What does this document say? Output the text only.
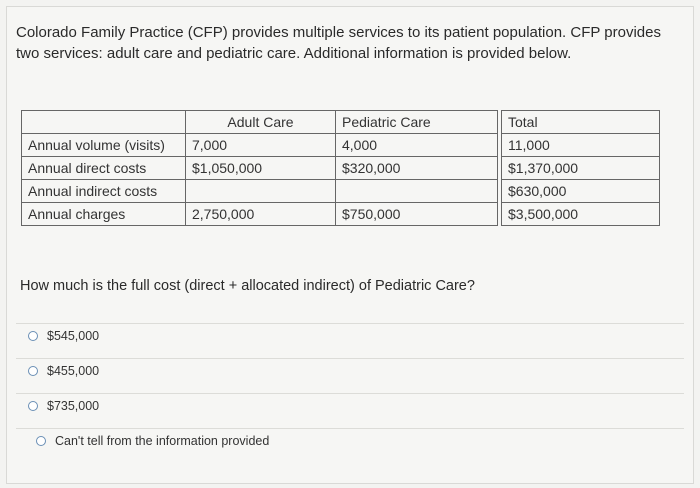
Colorado Family Practice (CFP) provides multiple services to its patient population. CFP provides two services: adult care and pediatric care. Additional information is provided below.
	Adult Care	Pediatric Care		Total
Annual volume (visits)	7,000	4,000		11,000
Annual direct costs	$1,050,000	$320,000		$1,370,000
Annual indirect costs				$630,000
Annual charges	2,750,000	$750,000		$3,500,000
How much is the full cost (direct + allocated indirect) of Pediatric Care?
$545,000
$455,000
$735,000
Can't tell from the information provided
